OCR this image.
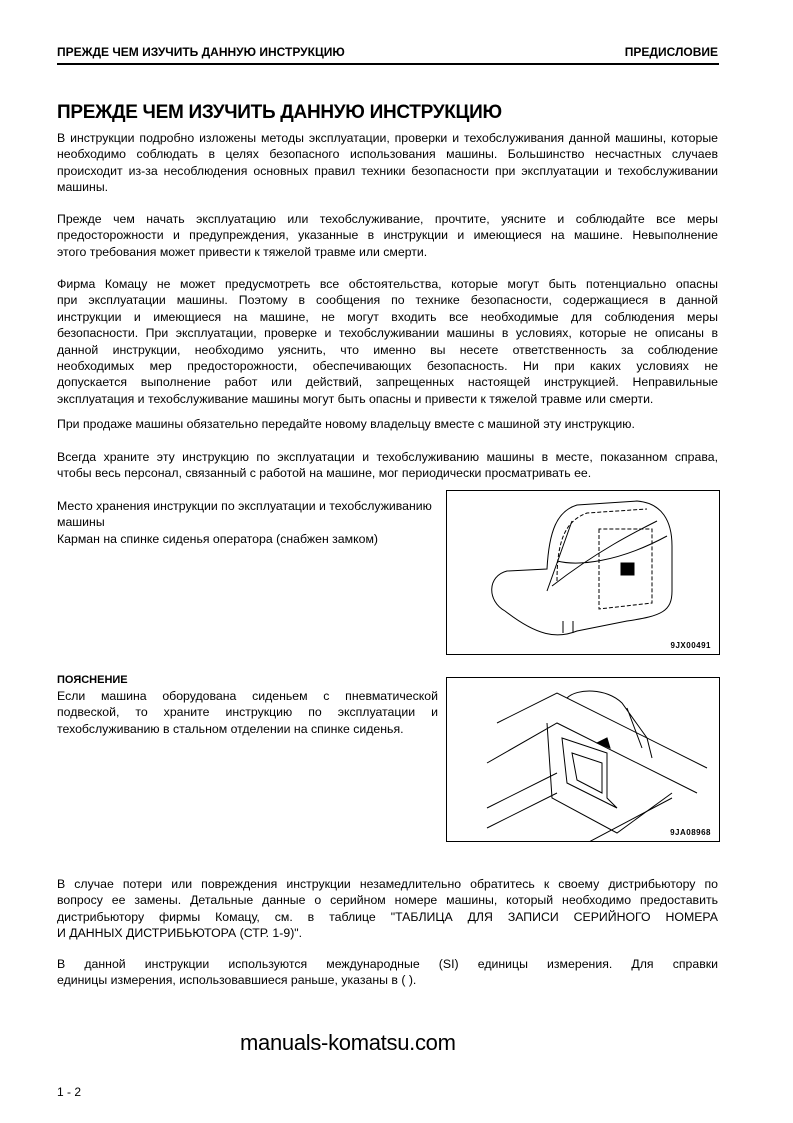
ПРЕЖДЕ ЧЕМ ИЗУЧИТЬ ДАННУЮ ИНСТРУКЦИЮ	ПРЕДИСЛОВИЕ
ПРЕЖДЕ ЧЕМ ИЗУЧИТЬ ДАННУЮ ИНСТРУКЦИЮ
В инструкции подробно изложены методы эксплуатации, проверки и техобслуживания данной машины, которые
необходимо соблюдать в целях безопасного использования машины. Большинство несчастных случаев
происходит из-за несоблюдения основных правил техники безопасности при эксплуатации и техобслуживании
машины.
Прежде чем начать эксплуатацию или техобслуживание, прочтите, уясните и соблюдайте все меры
предосторожности и предупреждения, указанные в инструкции и имеющиеся на машине. Невыполнение
этого требования может привести к тяжелой травме или смерти.
Фирма Комацу не может предусмотреть все обстоятельства, которые могут быть потенциально опасны
при эксплуатации машины. Поэтому в сообщения по технике безопасности, содержащиеся в данной
инструкции и имеющиеся на машине, не могут входить все необходимые для соблюдения меры
безопасности. При эксплуатации, проверке и техобслуживании машины в условиях, которые не описаны в
данной инструкции, необходимо уяснить, что именно вы несете ответственность за соблюдение
необходимых мер предосторожности, обеспечивающих безопасность. Ни при каких условиях не
допускается выполнение работ или действий, запрещенных настоящей инструкцией. Неправильные
эксплуатация и техобслуживание машины могут быть опасны и привести к тяжелой травме или смерти.
При продаже машины обязательно передайте новому владельцу вместе с машиной эту инструкцию.
Всегда храните эту инструкцию по эксплуатации и техобслуживанию машины в месте, показанном справа,
чтобы весь персонал, связанный с работой на машине, мог периодически просматривать ее.
Место хранения инструкции по эксплуатации и техобслуживанию
машины
Карман на спинке сиденья оператора (снабжен замком)
9JX00491
ПОЯСНЕНИЕ
Если машина оборудована сиденьем с пневматической
подвеской, то храните инструкцию по эксплуатации и
техобслуживанию в стальном отделении на спинке сиденья.
9JA08968
В случае потери или повреждения инструкции незамедлительно обратитесь к своему дистрибьютору по
вопросу ее замены. Детальные данные о серийном номере машины, который необходимо предоставить
дистрибьютору фирмы Комацу, см. в таблице "ТАБЛИЦА ДЛЯ ЗАПИСИ СЕРИЙНОГО НОМЕРА
И ДАННЫХ ДИСТРИБЬЮТОРА (СТР. 1-9)".
В данной инструкции используются международные (SI) единицы измерения. Для справки
единицы измерения, использовавшиеся раньше, указаны в ( ).
manuals-komatsu.com
1 - 2
